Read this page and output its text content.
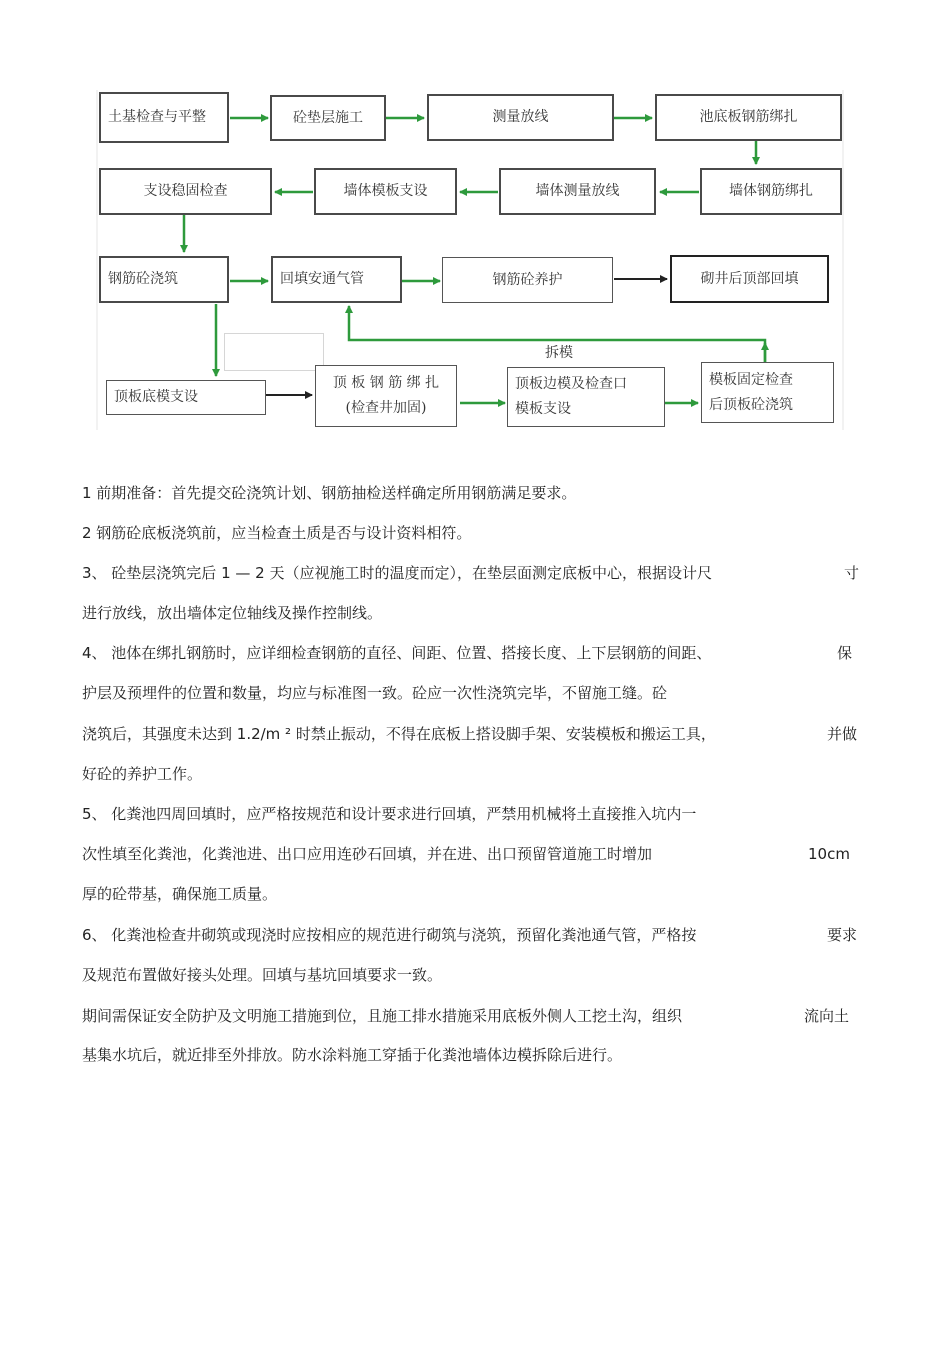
土基检查与平整	砼垫层施工	测量放线	池底板钢筋绑扎
支设稳固检查	墙体模板支设	墙体测量放线	墙体钢筋绑扎
钢筋砼浇筑	回填安通气管	钢筋砼养护	砌井后顶部回填
拆模
顶板底模支设
顶 板 钢 筋 绑 扎
(检查井加固)
顶板边模及检查口
模板支设
模板固定检查
后顶板砼浇筑
1 前期准备：首先提交砼浇筑计划、钢筋抽检送样确定所用钢筋满足要求。
2 钢筋砼底板浇筑前，应当检查土质是否与设计资料相符。
3、 砼垫层浇筑完后 1 — 2 天（应视施工时的温度而定），在垫层面测定底板中心，根据设计尺	寸
进行放线，放出墙体定位轴线及操作控制线。
4、 池体在绑扎钢筋时，应详细检查钢筋的直径、间距、位置、搭接长度、上下层钢筋的间距、	保
护层及预埋件的位置和数量，均应与标准图一致。砼应一次性浇筑完毕，不留施工缝。砼
浇筑后，其强度未达到 1.2/m ² 时禁止振动，不得在底板上搭设脚手架、安装模板和搬运工具，	并做
好砼的养护工作。
5、 化粪池四周回填时，应严格按规范和设计要求进行回填，严禁用机械将土直接推入坑内一
次性填至化粪池，化粪池进、出口应用连砂石回填，并在进、出口预留管道施工时增加	10cm
厚的砼带基，确保施工质量。
6、 化粪池检查井砌筑或现浇时应按相应的规范进行砌筑与浇筑，预留化粪池通气管，严格按	要求
及规范布置做好接头处理。回填与基坑回填要求一致。
期间需保证安全防护及文明施工措施到位，且施工排水措施采用底板外侧人工挖土沟，组织	流向土
基集水坑后，就近排至外排放。防水涂料施工穿插于化粪池墙体边模拆除后进行。
